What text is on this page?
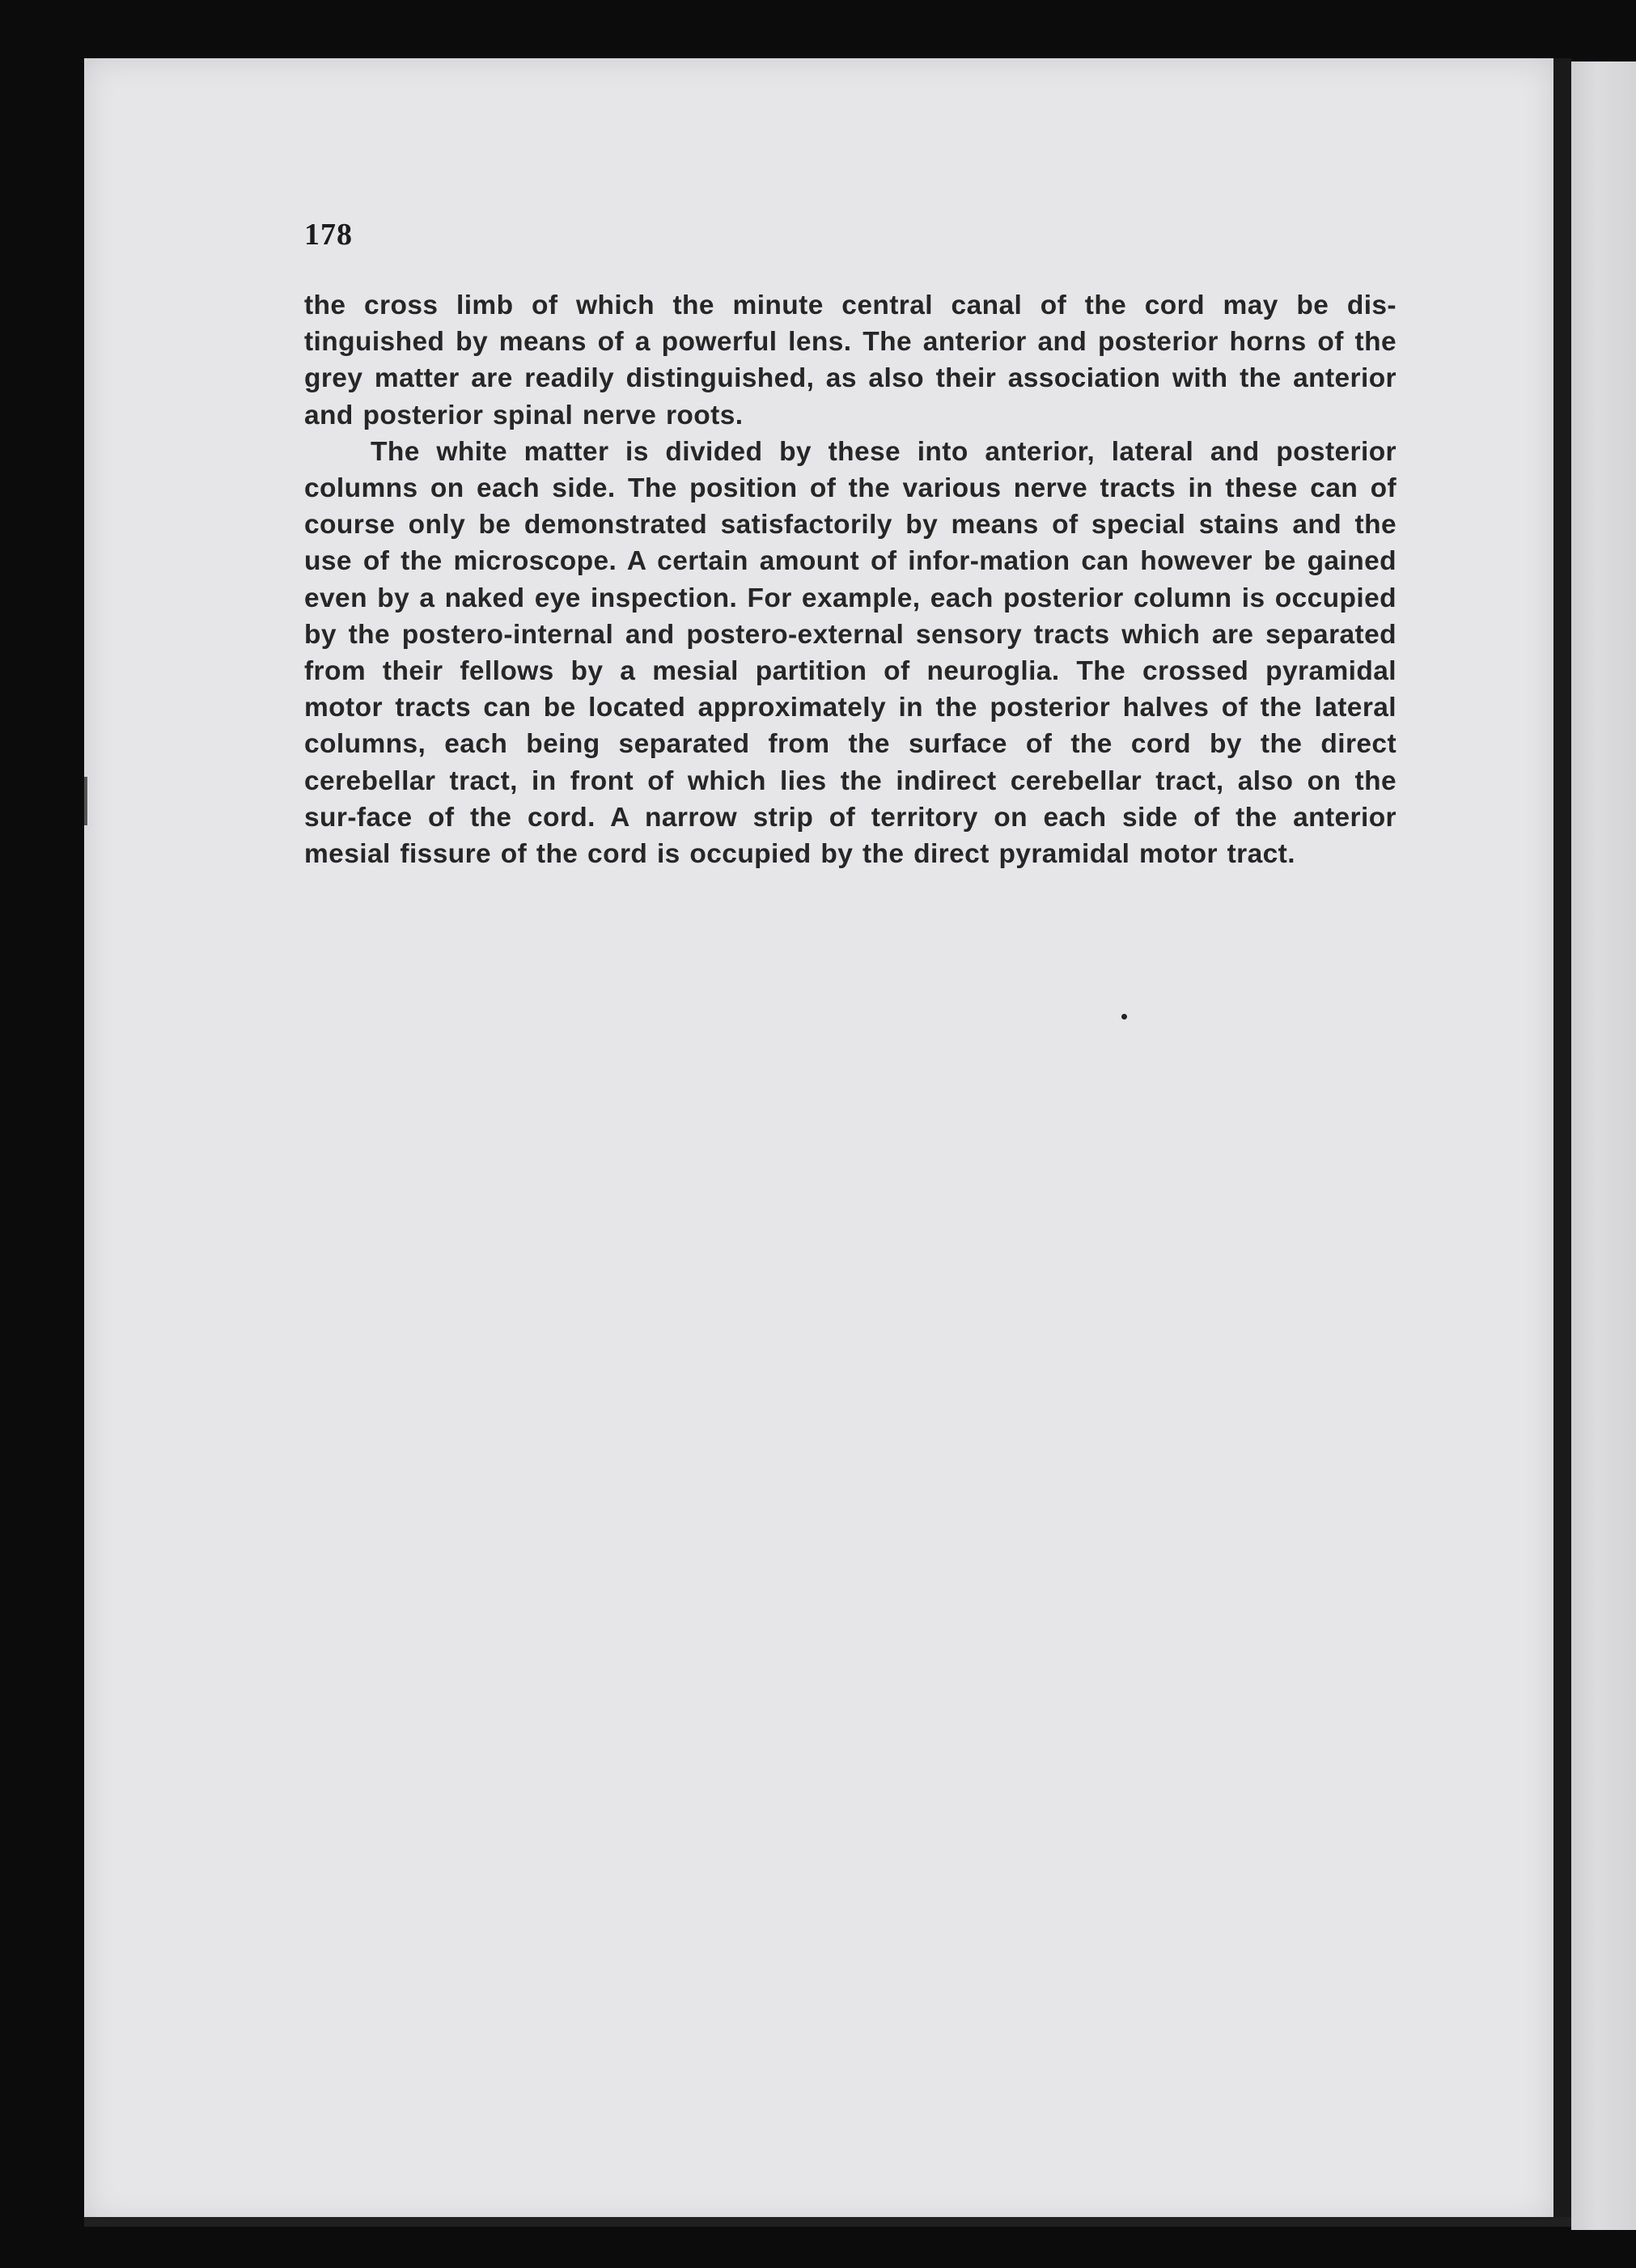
178

the cross limb of which the minute central canal of the cord may be dis-tinguished by means of a powerful lens. The anterior and posterior horns of the grey matter are readily distinguished, as also their association with the anterior and posterior spinal nerve roots.

The white matter is divided by these into anterior, lateral and posterior columns on each side. The position of the various nerve tracts in these can of course only be demonstrated satisfactorily by means of special stains and the use of the microscope. A certain amount of infor-mation can however be gained even by a naked eye inspection. For example, each posterior column is occupied by the postero-internal and postero-external sensory tracts which are separated from their fellows by a mesial partition of neuroglia. The crossed pyramidal motor tracts can be located approximately in the posterior halves of the lateral columns, each being separated from the surface of the cord by the direct cerebellar tract, in front of which lies the indirect cerebellar tract, also on the sur-face of the cord. A narrow strip of territory on each side of the anterior mesial fissure of the cord is occupied by the direct pyramidal motor tract.
